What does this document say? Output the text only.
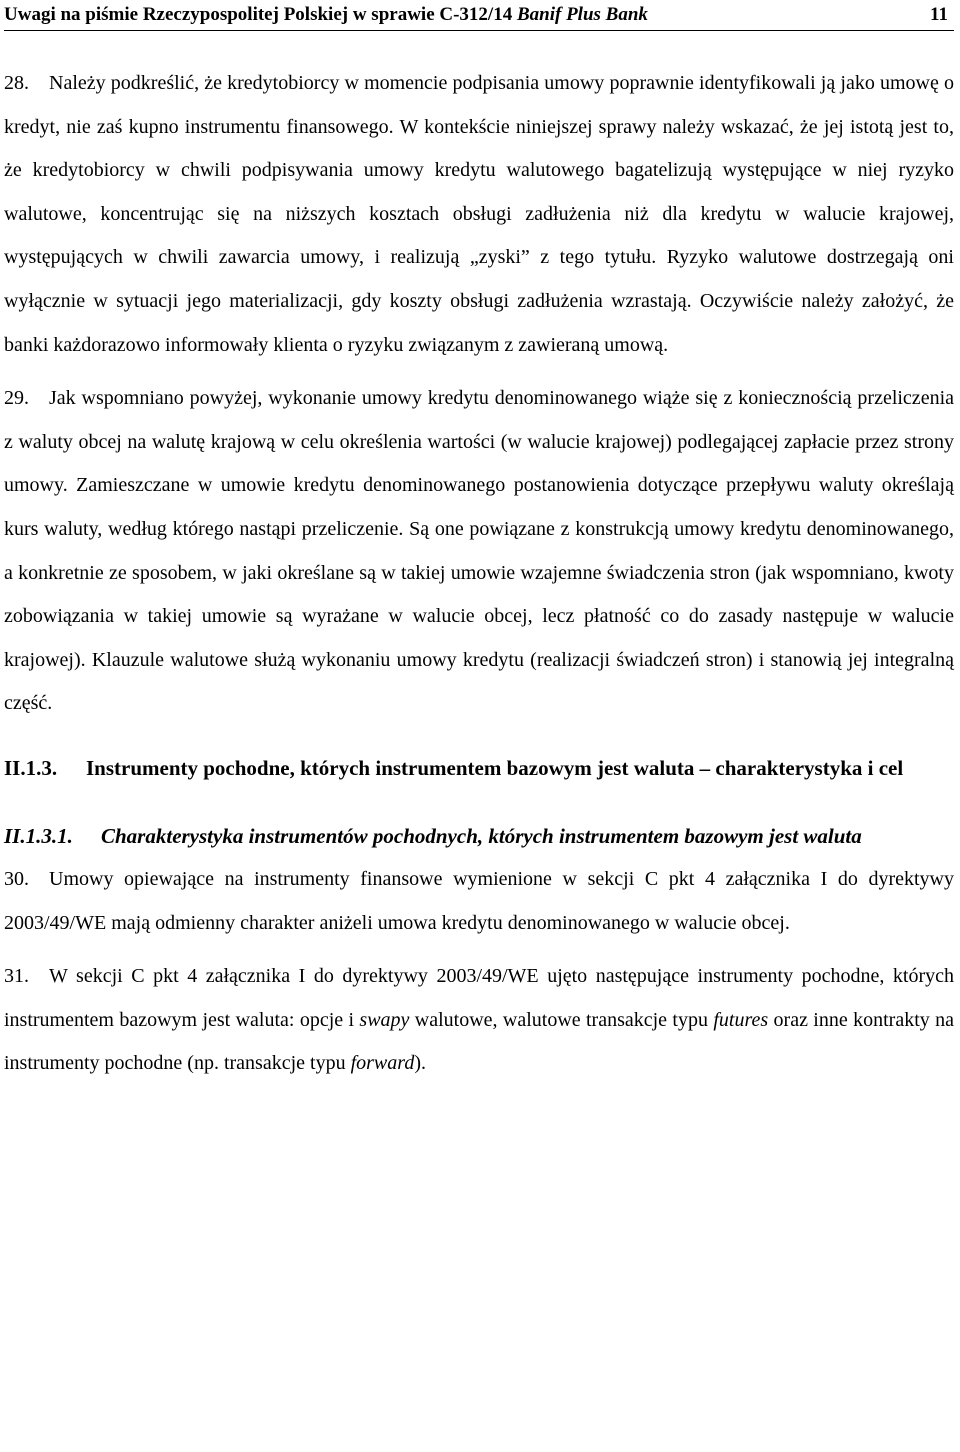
Uwagi na piśmie Rzeczypospolitej Polskiej w sprawie C-312/14 Banif Plus Bank	11

28. Należy podkreślić, że kredytobiorcy w momencie podpisania umowy poprawnie identyfikowali ją jako umowę o kredyt, nie zaś kupno instrumentu finansowego. W kontekście niniejszej sprawy należy wskazać, że jej istotą jest to, że kredytobiorcy w chwili podpisywania umowy kredytu walutowego bagatelizują występujące w niej ryzyko walutowe, koncentrując się na niższych kosztach obsługi zadłużenia niż dla kredytu w walucie krajowej, występujących w chwili zawarcia umowy, i realizują „zyski” z tego tytułu. Ryzyko walutowe dostrzegają oni wyłącznie w sytuacji jego materializacji, gdy koszty obsługi zadłużenia wzrastają. Oczywiście należy założyć, że banki każdorazowo informowały klienta o ryzyku związanym z zawieraną umową.

29. Jak wspomniano powyżej, wykonanie umowy kredytu denominowanego wiąże się z koniecznością przeliczenia z waluty obcej na walutę krajową w celu określenia wartości (w walucie krajowej) podlegającej zapłacie przez strony umowy. Zamieszczane w umowie kredytu denominowanego postanowienia dotyczące przepływu waluty określają kurs waluty, według którego nastąpi przeliczenie. Są one powiązane z konstrukcją umowy kredytu denominowanego, a konkretnie ze sposobem, w jaki określane są w takiej umowie wzajemne świadczenia stron (jak wspomniano, kwoty zobowiązania w takiej umowie są wyrażane w walucie obcej, lecz płatność co do zasady następuje w walucie krajowej). Klauzule walutowe służą wykonaniu umowy kredytu (realizacji świadczeń stron) i stanowią jej integralną część.

II.1.3. Instrumenty pochodne, których instrumentem bazowym jest waluta – charakterystyka i cel

II.1.3.1. Charakterystyka instrumentów pochodnych, których instrumentem bazowym jest waluta

30. Umowy opiewające na instrumenty finansowe wymienione w sekcji C pkt 4 załącznika I do dyrektywy 2003/49/WE mają odmienny charakter aniżeli umowa kredytu denominowanego w walucie obcej.

31. W sekcji C pkt 4 załącznika I do dyrektywy 2003/49/WE ujęto następujące instrumenty pochodne, których instrumentem bazowym jest waluta: opcje i swapy walutowe, walutowe transakcje typu futures oraz inne kontrakty na instrumenty pochodne (np. transakcje typu forward).
